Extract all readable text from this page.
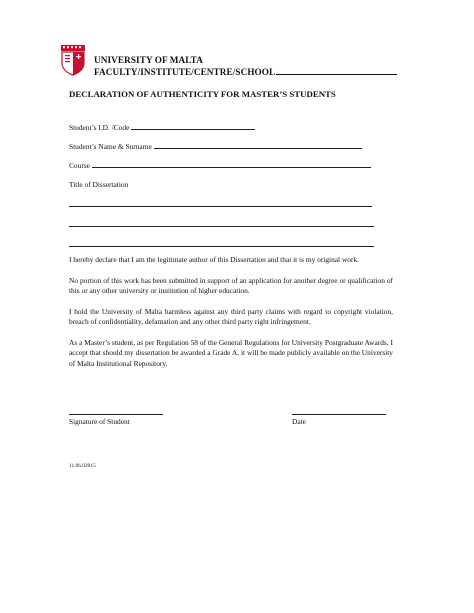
UNIVERSITY OF MALTA
FACULTY/INSTITUTE/CENTRE/SCHOOL
DECLARATION OF AUTHENTICITY FOR MASTER’S STUDENTS
Student’s I.D. /Code
Student’s Name & Surname
Course
Title of Dissertation
I hereby declare that I am the legitimate author of this Dissertation and that it is my original work.
No portion of this work has been submitted in support of an application for another degree or qualification of this or any other university or institution of higher education.
I hold the University of Malta harmless against any third party claims with regard to copyright violation, breach of confidentiality, defamation and any other third party right infringement.
As a Master’s student, as per Regulation 58 of the General Regulations for University Postgraduate Awards, I accept that should my dissertation be awarded a Grade A, it will be made publicly available on the University of Malta Institutional Repository.
Signature of Student	Date
11.06.02015
